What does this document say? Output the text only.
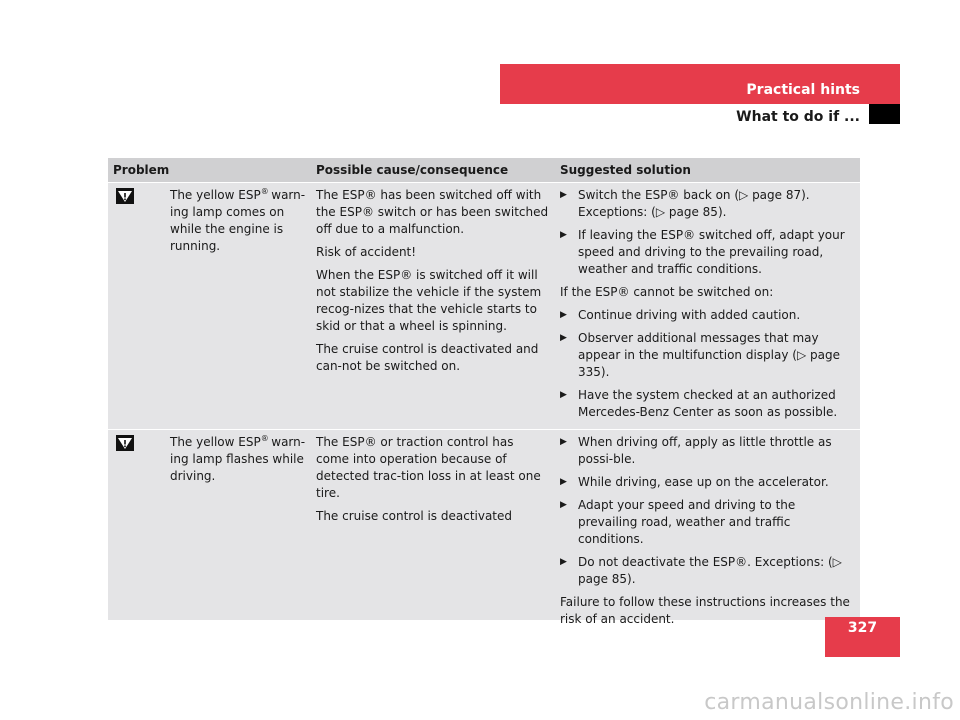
Practical hints
What to do if ...
Problem	Possible cause/consequence	Suggested solution
The yellow ESP® warn-ing lamp comes on while the engine is running.

The ESP® has been switched off with the ESP® switch or has been switched off due to a malfunction.

Risk of accident!

When the ESP® is switched off it will not stabilize the vehicle if the system recog-nizes that the vehicle starts to skid or that a wheel is spinning.

The cruise control is deactivated and can-not be switched on.

▶ Switch the ESP® back on (▷ page 87). Exceptions: (▷ page 85).
▶ If leaving the ESP® switched off, adapt your speed and driving to the prevailing road, weather and traffic conditions.

If the ESP® cannot be switched on:

▶ Continue driving with added caution.
▶ Observer additional messages that may appear in the multifunction display (▷ page 335).
▶ Have the system checked at an authorized Mercedes-Benz Center as soon as possible.
The yellow ESP® warn-ing lamp flashes while driving.

The ESP® or traction control has come into operation because of detected trac-tion loss in at least one tire.

The cruise control is deactivated

▶ When driving off, apply as little throttle as possi-ble.
▶ While driving, ease up on the accelerator.
▶ Adapt your speed and driving to the prevailing road, weather and traffic conditions.
▶ Do not deactivate the ESP®. Exceptions: (▷ page 85).

Failure to follow these instructions increases the risk of an accident.

327
carmanualsonline.info
